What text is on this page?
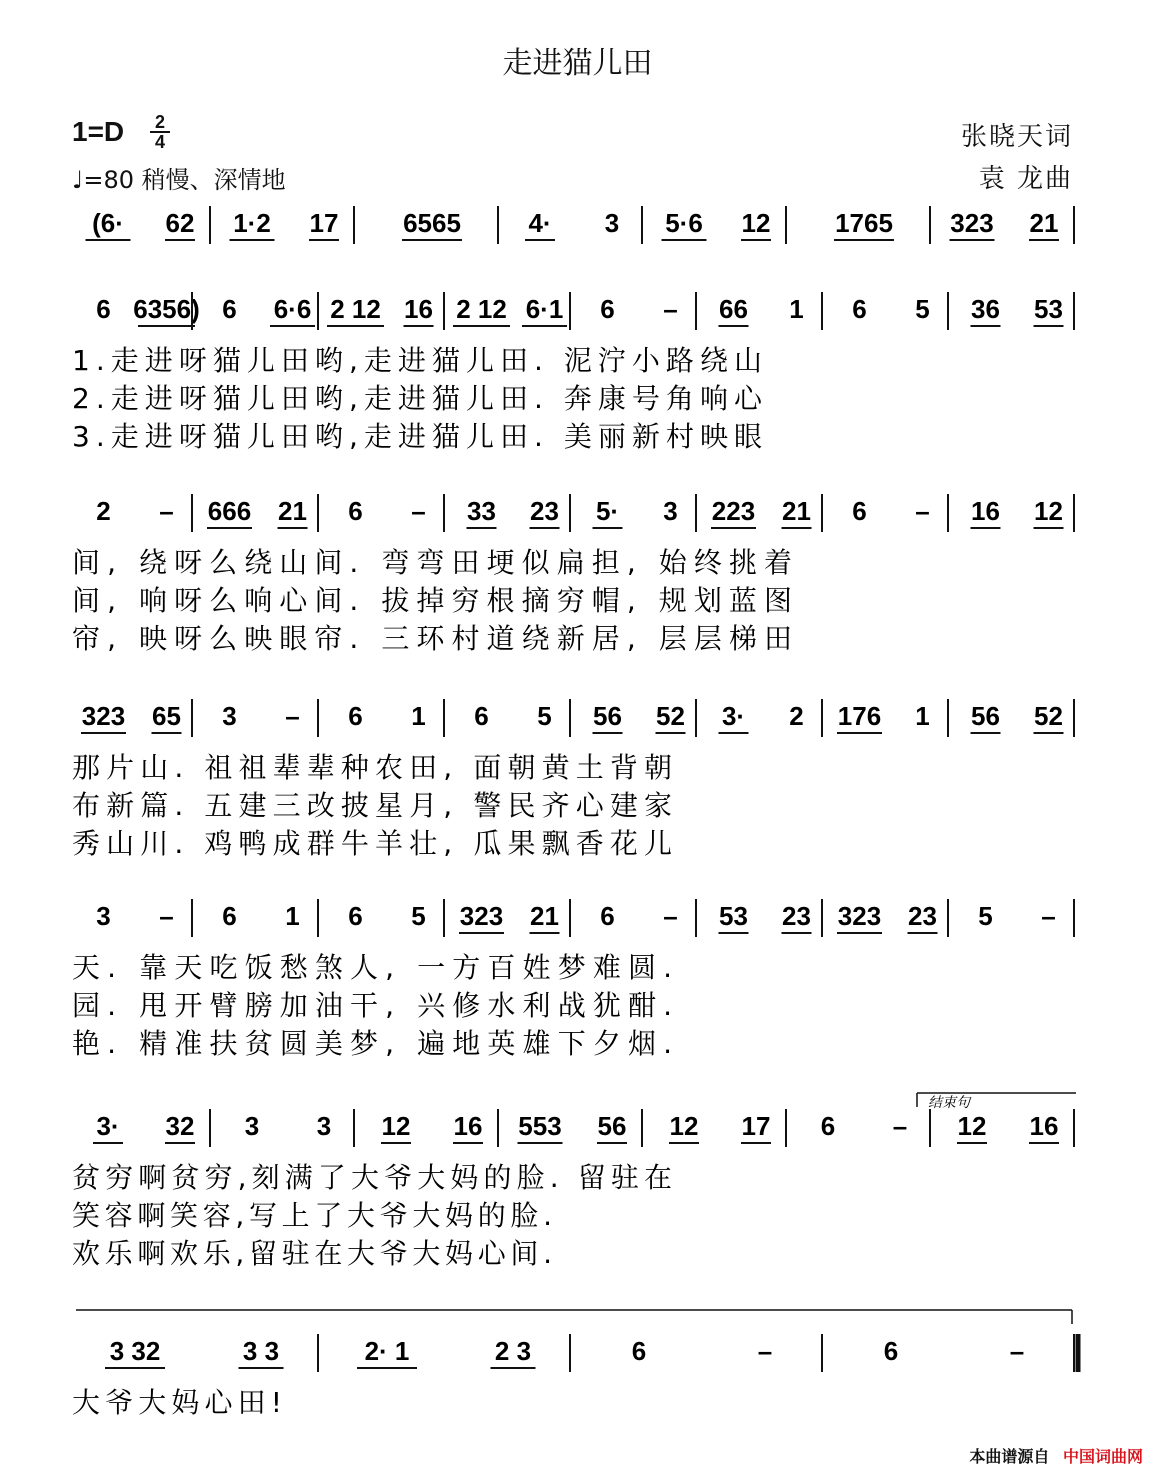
走进猫儿田
1=D 2
4
♩=80 稍慢、深情地
张晓天词
袁 龙曲
(6· 62 1·2 17 6565	4· 3 5·6 12 1765 323 21
6 6356) 6 6·6 2 12 16 2 12 6·1 6 – 66 1 6 5 36 53
1.走进呀猫儿田哟,走进猫儿田. 泥泞小路绕山
2.走进呀猫儿田哟,走进猫儿田. 奔康号角响心
3.走进呀猫儿田哟,走进猫儿田. 美丽新村映眼
2 – 666 21 6 – 33 23 5· 3 223 21 6 – 16 12
间, 绕呀么绕山间. 弯弯田埂似扁担, 始终挑着
间, 响呀么响心间. 拔掉穷根摘穷帽, 规划蓝图
帘, 映呀么映眼帘. 三环村道绕新居, 层层梯田
323 65 3 – 6 1 6 5 56 52 3· 2 176 1 56 52
那片山. 祖祖辈辈种农田, 面朝黄土背朝
布新篇. 五建三改披星月, 警民齐心建家
秀山川. 鸡鸭成群牛羊壮, 瓜果飘香花儿
3 – 6 1 6 5 323 21 6 – 53 23 323 23 5 –
天. 靠天吃饭愁煞人, 一方百姓梦难圆.
园. 甩开臂膀加油干, 兴修水利战犹酣.
艳. 精准扶贫圆美梦, 遍地英雄下夕烟.
3· 32 3 3 12 16 553 56 12 17 6 – 12 16
贫穷啊贫穷,刻满了大爷大妈的脸. 留驻在
笑容啊笑容,写上了大爷大妈的脸.
欢乐啊欢乐,留驻在大爷大妈心间.
3 32	3 3	2· 1	2 3	6	–	6	–
大爷大妈心田!
结束句
本曲谱源自 中国词曲网
